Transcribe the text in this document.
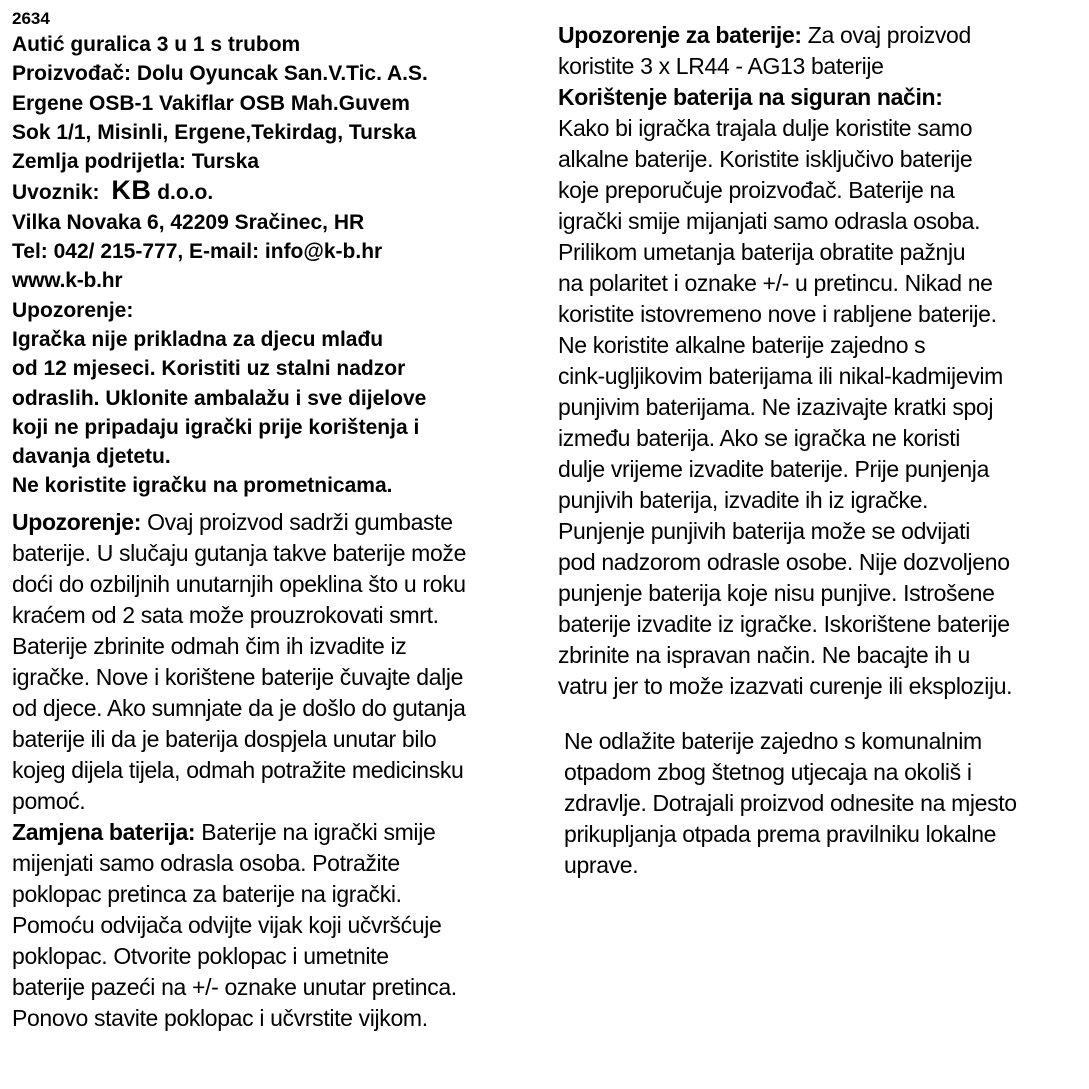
2634
Autić guralica 3 u 1 s trubom
Proizvođač: Dolu Oyuncak San.V.Tic. A.S.
Ergene OSB-1 Vakiflar OSB Mah.Guvem
Sok 1/1, Misinli, Ergene,Tekirdag, Turska
Zemlja podrijetla: Turska
Uvoznik: KB d.o.o.
Vilka Novaka 6, 42209 Sračinec, HR
Tel: 042/ 215-777, E-mail: info@k-b.hr
www.k-b.hr
Upozorenje:
Igračka nije prikladna za djecu mlađu
od 12 mjeseci. Koristiti uz stalni nadzor
odraslih. Uklonite ambalažu i sve dijelove
koji ne pripadaju igrački prije korištenja i
davanja djetetu.
Ne koristite igračku na prometnicama.
Upozorenje: Ovaj proizvod sadrži gumbaste
baterije. U slučaju gutanja takve baterije može
doći do ozbiljnih unutarnjih opeklina što u roku
kraćem od 2 sata može prouzrokovati smrt.
Baterije zbrinite odmah čim ih izvadite iz
igračke. Nove i korištene baterije čuvajte dalje
od djece. Ako sumnjate da je došlo do gutanja
baterije ili da je baterija dospjela unutar bilo
kojeg dijela tijela, odmah potražite medicinsku
pomoć.
Zamjena baterija: Baterije na igrački smije
mijenjati samo odrasla osoba. Potražite
poklopac pretinca za baterije na igrački.
Pomoću odvijača odvijte vijak koji učvršćuje
poklopac. Otvorite poklopac i umetnite
baterije pazeći na +/- oznake unutar pretinca.
Ponovo stavite poklopac i učvrstite vijkom.
Upozorenje za baterije: Za ovaj proizvod
koristite 3 x LR44 - AG13 baterije
Korištenje baterija na siguran način:
Kako bi igračka trajala dulje koristite samo
alkalne baterije. Koristite isključivo baterije
koje preporučuje proizvođač. Baterije na
igrački smije mijanjati samo odrasla osoba.
Prilikom umetanja baterija obratite pažnju
na polaritet i oznake +/- u pretincu. Nikad ne
koristite istovremeno nove i rabljene baterije.
Ne koristite alkalne baterije zajedno s
cink-ugljikovim baterijama ili nikal-kadmijevim
punjivim baterijama. Ne izazivajte kratki spoj
između baterija. Ako se igračka ne koristi
dulje vrijeme izvadite baterije. Prije punjenja
punjivih baterija, izvadite ih iz igračke.
Punjenje punjivih baterija može se odvijati
pod nadzorom odrasle osobe. Nije dozvoljeno
punjenje baterija koje nisu punjive. Istrošene
baterije izvadite iz igračke. Iskorištene baterije
zbrinite na ispravan način. Ne bacajte ih u
vatru jer to može izazvati curenje ili eksploziju.
Ne odlažite baterije zajedno s komunalnim
otpadom zbog štetnog utjecaja na okoliš i
zdravlje. Dotrajali proizvod odnesite na mjesto
prikupljanja otpada prema pravilniku lokalne
uprave.
